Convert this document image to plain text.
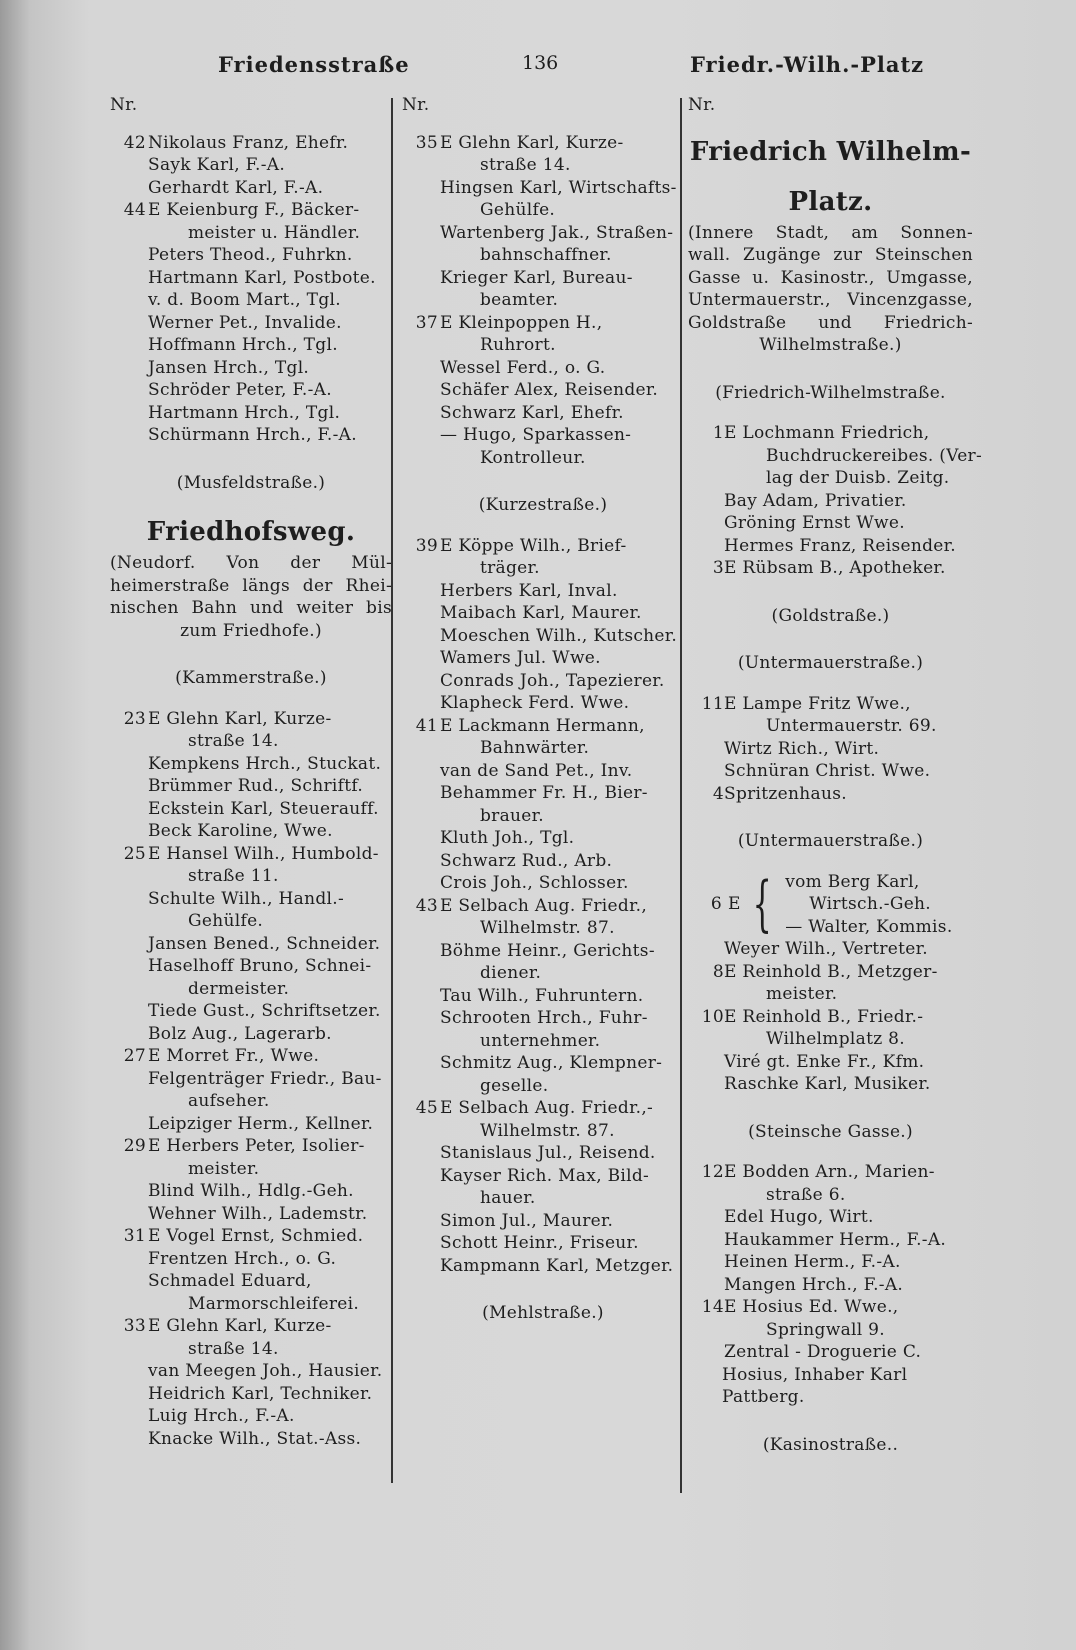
Friedensstraße	136	Friedr.-Wilh.-Platz
Nr.
42 Nikolaus Franz, Ehefr.
Sayk Karl, F.-A.
Gerhardt Karl, F.-A.
44 E Keienburg F., Bäcker-
meister u. Händler.
Peters Theod., Fuhrkn.
Hartmann Karl, Postbote.
v. d. Boom Mart., Tgl.
Werner Pet., Invalide.
Hoffmann Hrch., Tgl.
Jansen Hrch., Tgl.
Schröder Peter, F.-A.
Hartmann Hrch., Tgl.
Schürmann Hrch., F.-A.
(Musfeldstraße.)
Friedhofsweg.
(Neudorf. Von der Mül-
heimerstraße längs der Rhei-
nischen Bahn und weiter bis
zum Friedhofe.)
(Kammerstraße.)
23 E Glehn Karl, Kurze-
straße 14.
Kempkens Hrch., Stuckat.
Brümmer Rud., Schriftf.
Eckstein Karl, Steuerauff.
Beck Karoline, Wwe.
25 E Hansel Wilh., Humbold-
straße 11.
Schulte Wilh., Handl.-
Gehülfe.
Jansen Bened., Schneider.
Haselhoff Bruno, Schnei-
dermeister.
Tiede Gust., Schriftsetzer.
Bolz Aug., Lagerarb.
27 E Morret Fr., Wwe.
Felgenträger Friedr., Bau-
aufseher.
Leipziger Herm., Kellner.
29 E Herbers Peter, Isolier-
meister.
Blind Wilh., Hdlg.-Geh.
Wehner Wilh., Lademstr.
31 E Vogel Ernst, Schmied.
Frentzen Hrch., o. G.
Schmadel Eduard,
Marmorschleiferei.
33 E Glehn Karl, Kurze-
straße 14.
van Meegen Joh., Hausier.
Heidrich Karl, Techniker.
Luig Hrch., F.-A.
Knacke Wilh., Stat.-Ass.
Nr.
35 E Glehn Karl, Kurze-
straße 14.
Hingsen Karl, Wirtschafts-
Gehülfe.
Wartenberg Jak., Straßen-
bahnschaffner.
Krieger Karl, Bureau-
beamter.
37 E Kleinpoppen H.,
Ruhrort.
Wessel Ferd., o. G.
Schäfer Alex, Reisender.
Schwarz Karl, Ehefr.
— Hugo, Sparkassen-
Kontrolleur.
(Kurzestraße.)
39 E Köppe Wilh., Brief-
träger.
Herbers Karl, Inval.
Maibach Karl, Maurer.
Moeschen Wilh., Kutscher.
Wamers Jul. Wwe.
Conrads Joh., Tapezierer.
Klapheck Ferd. Wwe.
41 E Lackmann Hermann,
Bahnwärter.
van de Sand Pet., Inv.
Behammer Fr. H., Bier-
brauer.
Kluth Joh., Tgl.
Schwarz Rud., Arb.
Crois Joh., Schlosser.
43 E Selbach Aug. Friedr.,
Wilhelmstr. 87.
Böhme Heinr., Gerichts-
diener.
Tau Wilh., Fuhruntern.
Schrooten Hrch., Fuhr-
unternehmer.
Schmitz Aug., Klempner-
geselle.
45 E Selbach Aug. Friedr.,-
Wilhelmstr. 87.
Stanislaus Jul., Reisend.
Kayser Rich. Max, Bild-
hauer.
Simon Jul., Maurer.
Schott Heinr., Friseur.
Kampmann Karl, Metzger.
(Mehlstraße.)
Nr.
Friedrich Wilhelm-
Platz.
(Innere Stadt, am Sonnen-
wall. Zugänge zur Steinschen
Gasse u. Kasinostr., Umgasse,
Untermauerstr., Vincenzgasse,
Goldstraße und Friedrich-
Wilhelmstraße.)
(Friedrich-Wilhelmstraße.
1 E Lochmann Friedrich,
Buchdruckereibes. (Ver-
lag der Duisb. Zeitg.
Bay Adam, Privatier.
Gröning Ernst Wwe.
Hermes Franz, Reisender.
3 E Rübsam B., Apotheker.
(Goldstraße.)
(Untermauerstraße.)
11 E Lampe Fritz Wwe.,
Untermauerstr. 69.
Wirtz Rich., Wirt.
Schnüran Christ. Wwe.
4 Spritzenhaus.
(Untermauerstraße.)
6 E { vom Berg Karl,
Wirtsch.-Geh.
— Walter, Kommis.
Weyer Wilh., Vertreter.
8 E Reinhold B., Metzger-
meister.
10 E Reinhold B., Friedr.-
Wilhelmplatz 8.
Viré gt. Enke Fr., Kfm.
Raschke Karl, Musiker.
(Steinsche Gasse.)
12 E Bodden Arn., Marien-
straße 6.
Edel Hugo, Wirt.
Haukammer Herm., F.-A.
Heinen Herm., F.-A.
Mangen Hrch., F.-A.
14 E Hosius Ed. Wwe.,
Springwall 9.
Zentral - Droguerie C.
Hosius, Inhaber Karl
Pattberg.
(Kasinostraße..
